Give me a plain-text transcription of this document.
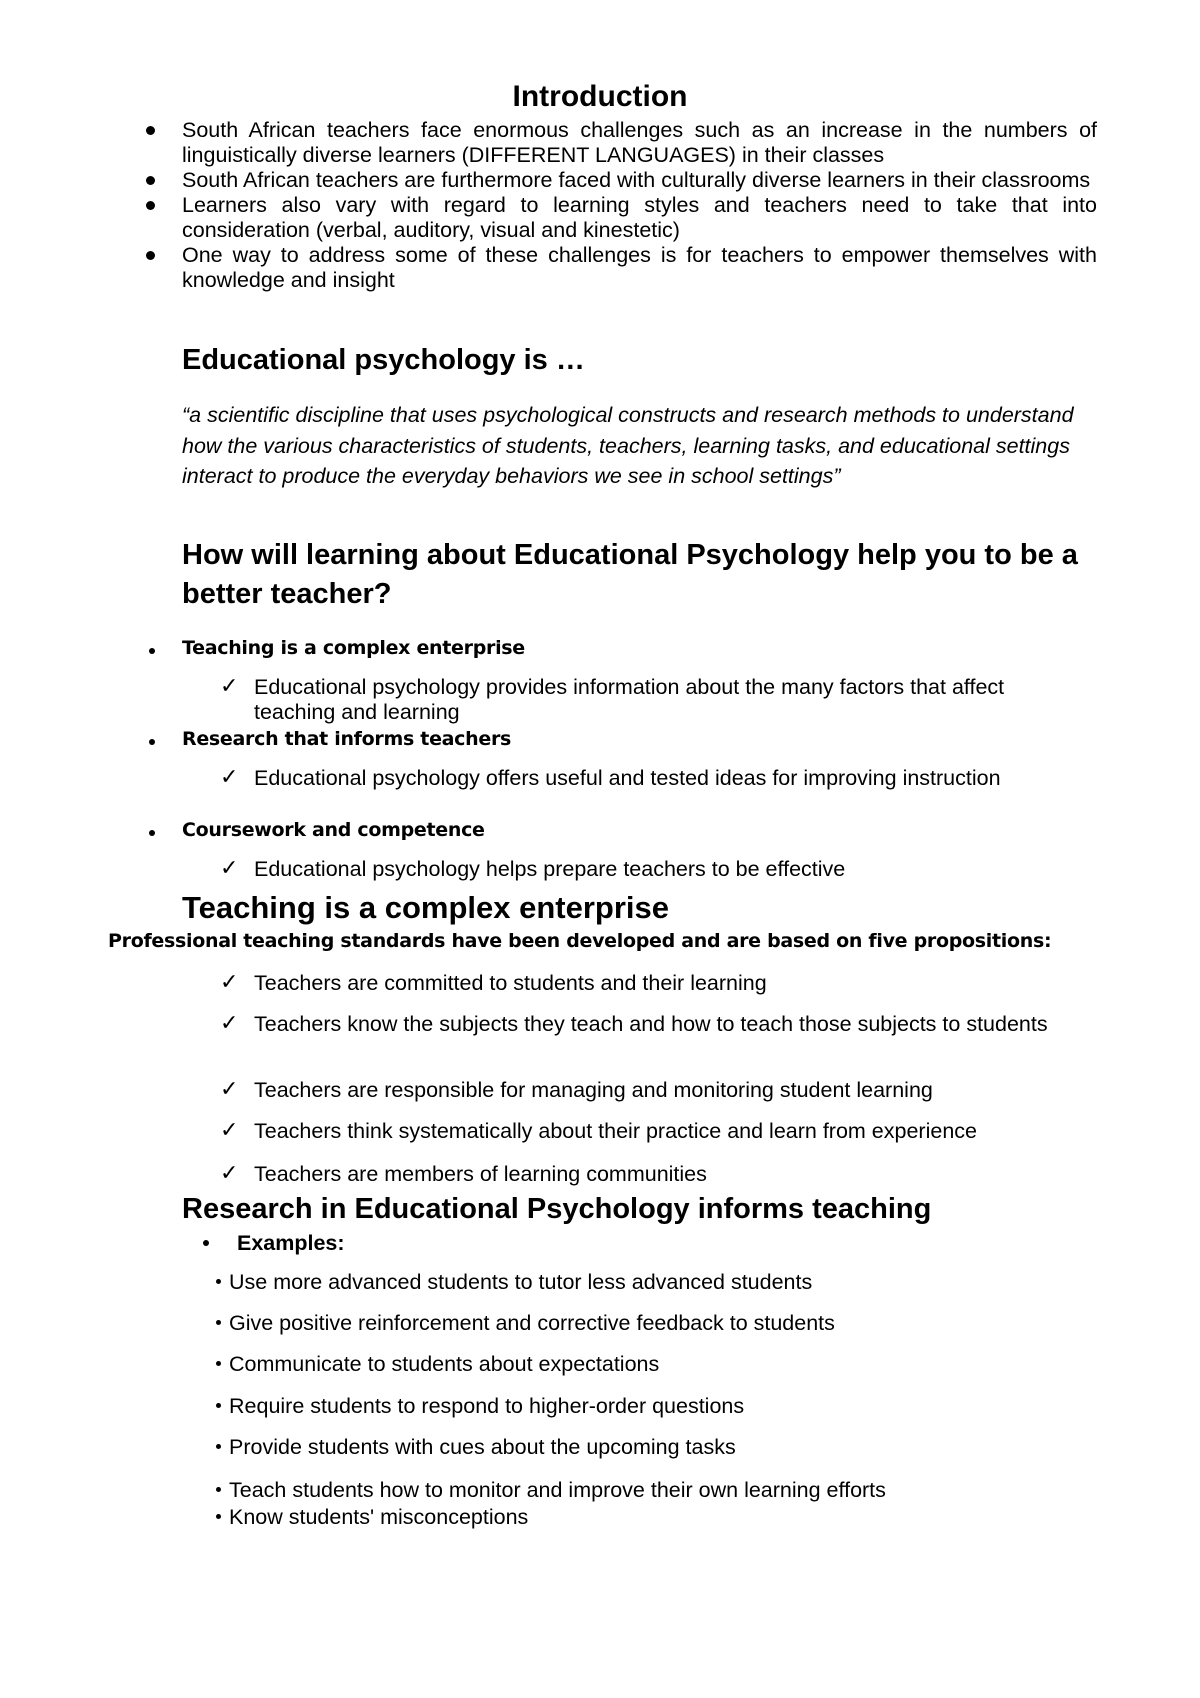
Introduction
South African teachers face enormous challenges such as an increase in the numbers of linguistically diverse learners (DIFFERENT LANGUAGES) in their classes
South African teachers are furthermore faced with culturally diverse learners in their classrooms
Learners also vary with regard to learning styles and teachers need to take that into consideration (verbal, auditory, visual and kinestetic)
One way to address some of these challenges is for teachers to empower themselves with knowledge and insight
Educational psychology is …

“a scientific discipline that uses psychological constructs and research methods to understand how the various characteristics of students, teachers, learning tasks, and educational settings interact to produce the everyday behaviors we see in school settings”

How will learning about Educational Psychology help you to be a better teacher?
Teaching is a complex enterprise
✓ Educational psychology provides information about the many factors that affect teaching and learning
Research that informs teachers
✓ Educational psychology offers useful and tested ideas for improving instruction
Coursework and competence
✓ Educational psychology helps prepare teachers to be effective
Teaching is a complex enterprise
Professional teaching standards have been developed and are based on five propositions:
✓ Teachers are committed to students and their learning
✓ Teachers know the subjects they teach and how to teach those subjects to students
✓ Teachers are responsible for managing and monitoring student learning
✓ Teachers think systematically about their practice and learn from experience
✓ Teachers are members of learning communities
Research in Educational Psychology informs teaching
Examples:
Use more advanced students to tutor less advanced students
Give positive reinforcement and corrective feedback to students
Communicate to students about expectations
Require students to respond to higher-order questions
Provide students with cues about the upcoming tasks
Teach students how to monitor and improve their own learning efforts
Know students' misconceptions
